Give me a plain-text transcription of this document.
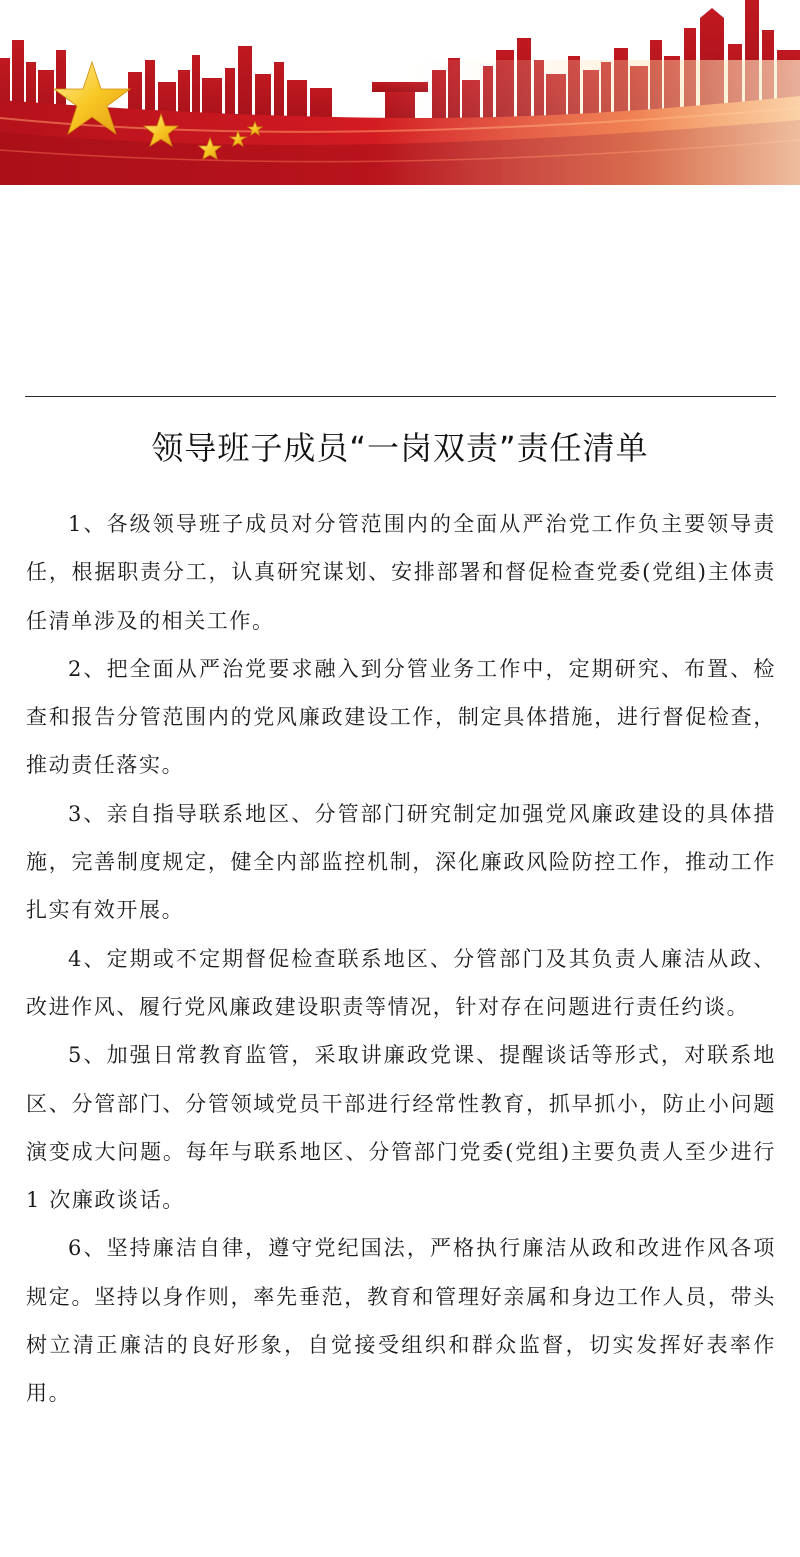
领导班子成员“一岗双责”责任清单

1、各级领导班子成员对分管范围内的全面从严治党工作负主要领导责任，根据职责分工，认真研究谋划、安排部署和督促检查党委(党组)主体责任清单涉及的相关工作。

2、把全面从严治党要求融入到分管业务工作中，定期研究、布置、检查和报告分管范围内的党风廉政建设工作，制定具体措施，进行督促检查，推动责任落实。

3、亲自指导联系地区、分管部门研究制定加强党风廉政建设的具体措施，完善制度规定，健全内部监控机制，深化廉政风险防控工作，推动工作扎实有效开展。

4、定期或不定期督促检查联系地区、分管部门及其负责人廉洁从政、改进作风、履行党风廉政建设职责等情况，针对存在问题进行责任约谈。

5、加强日常教育监管，采取讲廉政党课、提醒谈话等形式，对联系地区、分管部门、分管领域党员干部进行经常性教育，抓早抓小，防止小问题演变成大问题。每年与联系地区、分管部门党委(党组)主要负责人至少进行 1 次廉政谈话。

6、坚持廉洁自律，遵守党纪国法，严格执行廉洁从政和改进作风各项规定。坚持以身作则，率先垂范，教育和管理好亲属和身边工作人员，带头树立清正廉洁的良好形象，自觉接受组织和群众监督，切实发挥好表率作用。
